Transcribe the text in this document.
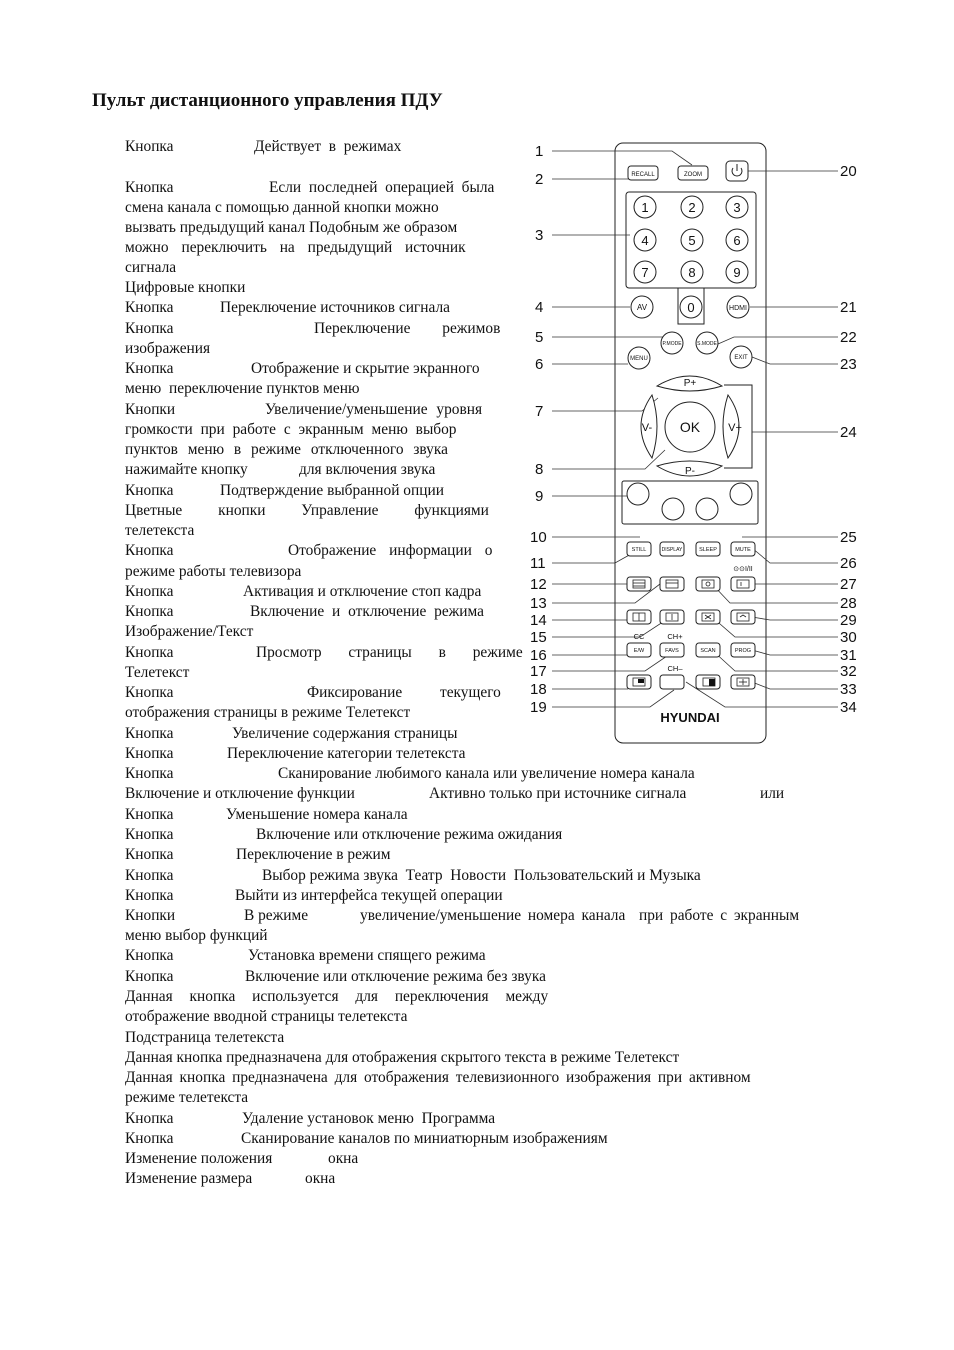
Пульт дистанционного управления ПДУ

Кнопка	Действует  в  режимах

Кнопка	Если  последней  операцией  была
смена канала с помощью данной кнопки можно
вызвать предыдущий канал Подобным же образом
можно переключить на предыдущий источник
сигнала
Цифровые кнопки

Кнопка	Переключение источников сигнала

Кнопка	Переключение режимов
изображения

Кнопка	Отображение и скрытие экранного
меню  переключение пунктов меню

Кнопки	Увеличение/уменьшение уровня
громкости при работе с экранным меню выбор
пунктов меню в режиме отключенного звука

нажимайте кнопку	для включения звука

Кнопка	Подтверждение выбранной опции
Цветные кнопки Управление функциями
телетекста

Кнопка	Отображение информации о
режиме работы телевизора

Кнопка	Активация и отключение стоп кадра

Кнопка	Включение и отключение режима
Изображение/Текст

Кнопка	Просмотр страницы в режиме
Телетекст

Кнопка	Фиксирование текущего
отображения страницы в режиме Телетекст

Кнопка	Увеличение содержания страницы

Кнопка	Переключение категории телетекста

Кнопка	Сканирование любимого канала или увеличение номера канала

Включение и отключение функции	Активно только при источнике сигнала	или

Кнопка	Уменьшение номера канала

Кнопка	Включение или отключение режима ожидания

Кнопка	Переключение в режим

Кнопка	Выбор режима звука  Театр  Новости  Пользовательский и Музыка

Кнопка	Выйти из интерфейса текущей операции

Кнопки	В режиме	увеличение/уменьшение номера канала  при работе с экранным
меню выбор функций

Кнопка	Установка времени спящего режима

Кнопка	Включение или отключение режима без звука
Данная кнопка используется для переключения между
отображение вводной страницы телетекста
Подстраница телетекста
Данная кнопка предназначена для отображения скрытого текста в режиме Телетекст
Данная кнопка предназначена для отображения телевизионного изображения при активном
режиме телетекста

Кнопка	Удаление установок меню  Программа

Кнопка	Сканирование каналов по миниатюрным изображениям

Изменение положения	окна

Изменение размера	окна
1
2
3
4
5
6
7
8
9
10
11
12
13
14
15
16
17
18
19
20
21
22
23
24
25
26
27
28
29
30
31
32
33
34
RECALL	ZOOM
1	2	3
4	5	6
7	8	9
0
AV	HDMI
P.MODE	S.MODE
MENU	EXIT
P+
P-
V-	V+
OK
STILL	DISPLAY	SLEEP	MUTE
⊙⊙I/II
CC	CH+
E/W	FAVS	SCAN	PROG
CH–
HYUNDAI
